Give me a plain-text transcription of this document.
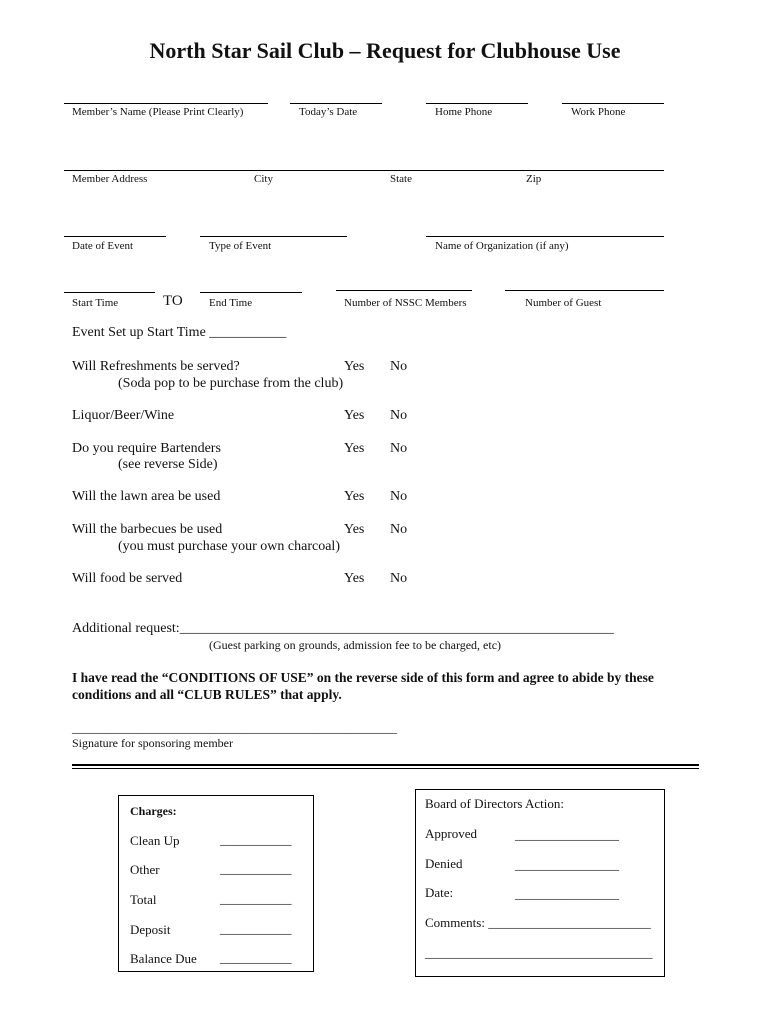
North Star Sail Club – Request for Clubhouse Use
Member’s Name (Please Print Clearly)	Today’s Date	Home Phone	Work Phone
Member Address	City	State	Zip
Date of Event	Type of Event	Name of Organization (if any)
Start Time	TO End Time	Number of NSSC Members	Number of Guest
Event Set up Start Time ___________
Will Refreshments be served?
(Soda pop to be purchase from the club)
Yes No
Liquor/Beer/Wine	Yes No
Do you require Bartenders
(see reverse Side)
Yes No
Will the lawn area be used	Yes No
Will the barbecues be used
(you must purchase your own charcoal)
Yes No
Will food be served	Yes No
Additional request:______________________________________________________________
(Guest parking on grounds, admission fee to be charged, etc)
I have read the “CONDITIONS OF USE” on the reverse side of this form and agree to abide by these
conditions and all “CLUB RULES” that apply.
__________________________________________________
Signature for sponsoring member
Charges:
Clean Up	___________
Other	___________
Total	___________
Deposit	___________
Balance Due ___________
Board of Directors Action:
Approved	________________
Denied	________________
Date:	________________
Comments: _________________________
___________________________________
